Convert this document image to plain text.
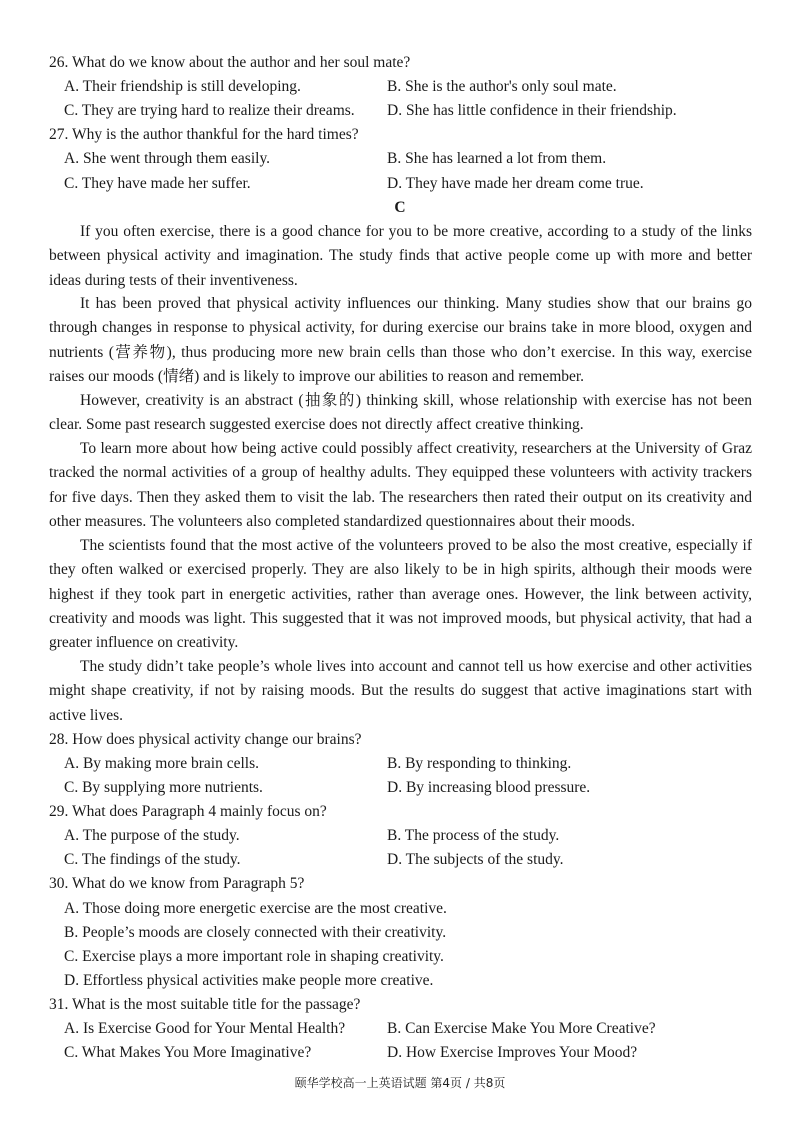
26. What do we know about the author and her soul mate?
A. Their friendship is still developing.	B. She is the author's only soul mate.
C. They are trying hard to realize their dreams. D. She has little confidence in their friendship.
27. Why is the author thankful for the hard times?
A. She went through them easily.	B. She has learned a lot from them.
C. They have made her suffer.	D. They have made her dream come true.
C
If you often exercise, there is a good chance for you to be more creative, according to a study of the links between physical activity and imagination. The study finds that active people come up with more and better ideas during tests of their inventiveness.
It has been proved that physical activity influences our thinking. Many studies show that our brains go through changes in response to physical activity, for during exercise our brains take in more blood, oxygen and nutrients (营养物), thus producing more new brain cells than those who don’t exercise. In this way, exercise raises our moods (情绪) and is likely to improve our abilities to reason and remember.
However, creativity is an abstract (抽象的) thinking skill, whose relationship with exercise has not been clear. Some past research suggested exercise does not directly affect creative thinking.
To learn more about how being active could possibly affect creativity, researchers at the University of Graz tracked the normal activities of a group of healthy adults. They equipped these volunteers with activity trackers for five days. Then they asked them to visit the lab. The researchers then rated their output on its creativity and other measures. The volunteers also completed standardized questionnaires about their moods.
The scientists found that the most active of the volunteers proved to be also the most creative, especially if they often walked or exercised properly. They are also likely to be in high spirits, although their moods were highest if they took part in energetic activities, rather than average ones. However, the link between activity, creativity and moods was light. This suggested that it was not improved moods, but physical activity, that had a greater influence on creativity.
The study didn’t take people’s whole lives into account and cannot tell us how exercise and other activities might shape creativity, if not by raising moods. But the results do suggest that active imaginations start with active lives.
28. How does physical activity change our brains?
A. By making more brain cells.	B. By responding to thinking.
C. By supplying more nutrients.	D. By increasing blood pressure.
29. What does Paragraph 4 mainly focus on?
A. The purpose of the study.	B. The process of the study.
C. The findings of the study.	D. The subjects of the study.
30. What do we know from Paragraph 5?
A. Those doing more energetic exercise are the most creative.
B. People’s moods are closely connected with their creativity.
C. Exercise plays a more important role in shaping creativity.
D. Effortless physical activities make people more creative.
31. What is the most suitable title for the passage?
A. Is Exercise Good for Your Mental Health?	B. Can Exercise Make You More Creative?
C. What Makes You More Imaginative?	D. How Exercise Improves Your Mood?
颐华学校高一上英语试题 第4页 / 共8页
